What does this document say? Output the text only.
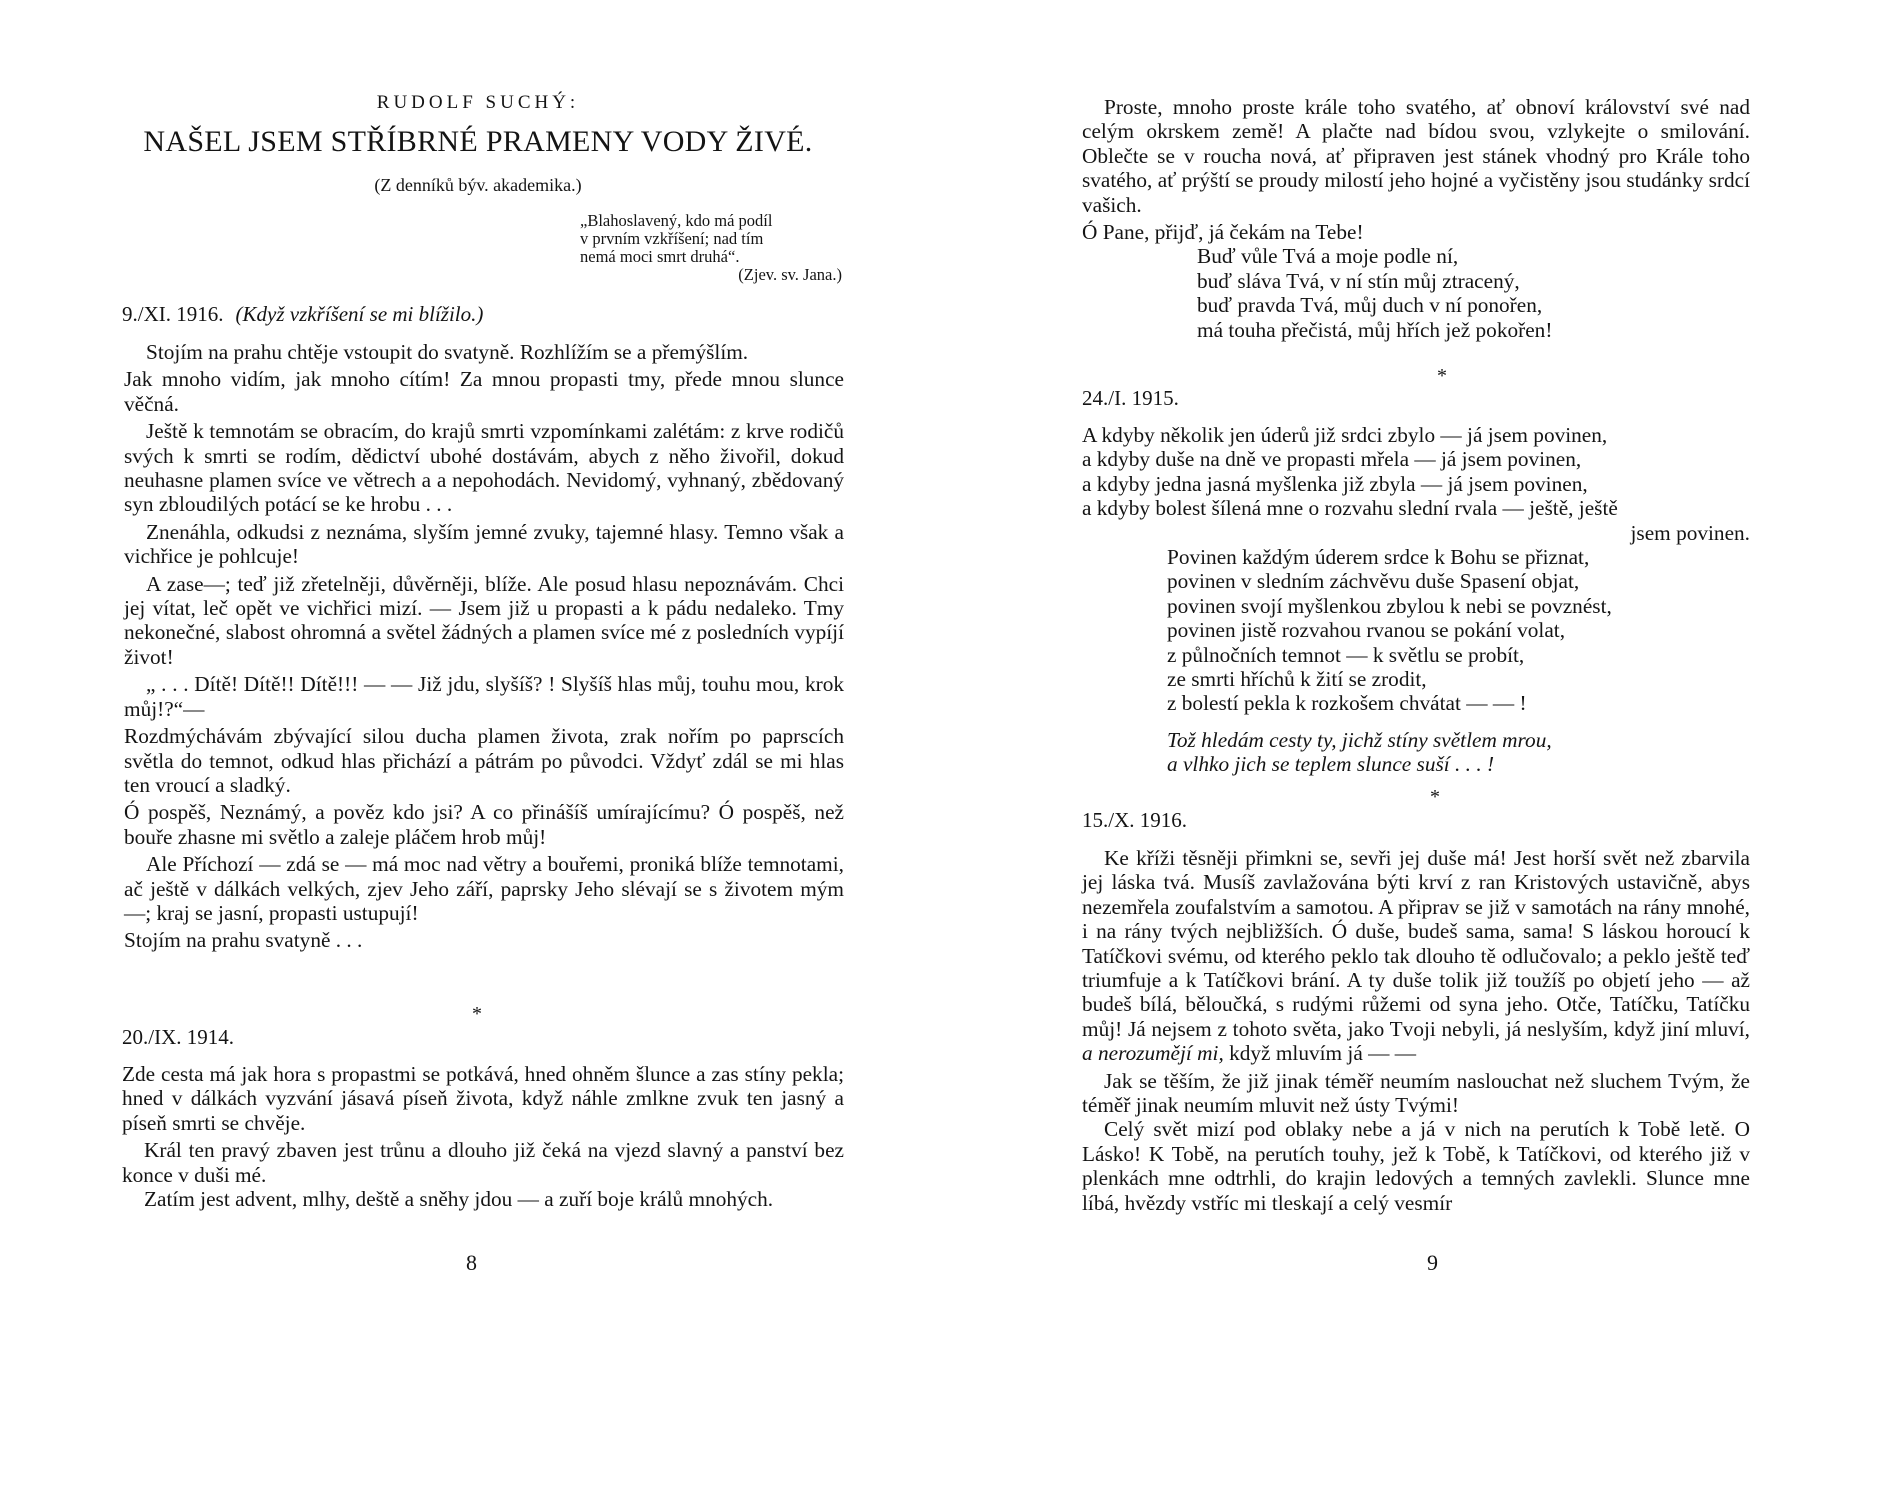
RUDOLF SUCHÝ:
NAŠEL JSEM STŘÍBRNÉ PRAMENY VODY ŽIVÉ.
(Z denníků býv. akademika.)
„Blahoslavený, kdo má podíl
v prvním vzkříšení; nad tím
nemá moci smrt druhá“.
(Zjev. sv. Jana.)
9./XI. 1916. (Když vzkříšení se mi blížilo.)

Stojím na prahu chtěje vstoupit do svatyně. Rozhlížím se a přemýšlím.

Jak mnoho vidím, jak mnoho cítím! Za mnou propasti tmy, přede mnou slunce věčná.

Ještě k temnotám se obracím, do krajů smrti vzpomínkami zalétám: z krve rodičů svých k smrti se rodím, dědictví ubohé dostávám, abych z něho živořil, dokud neuhasne plamen svíce ve větrech a a nepohodách. Nevidomý, vyhnaný, zbědovaný syn zbloudilých potácí se ke hrobu . . .

Znenáhla, odkudsi z neznáma, slyším jemné zvuky, tajemné hlasy. Temno však a vichřice je pohlcuje!

A zase—; teď již zřetelněji, důvěrněji, blíže. Ale posud hlasu nepoznávám. Chci jej vítat, leč opět ve vichřici mizí. — Jsem již u propasti a k pádu nedaleko. Tmy nekonečné, slabost ohromná a světel žádných a plamen svíce mé z posledních vypíjí život!

„ . . . Dítě! Dítě!! Dítě!!! — — Již jdu, slyšíš? ! Slyšíš hlas můj, touhu mou, krok můj!?“—

Rozdmýchávám zbývající silou ducha plamen života, zrak nořím po paprscích světla do temnot, odkud hlas přichází a pátrám po původci. Vždyť zdál se mi hlas ten vroucí a sladký.

Ó pospěš, Neznámý, a pověz kdo jsi? A co přinášíš umírajícímu? Ó pospěš, než bouře zhasne mi světlo a zaleje pláčem hrob můj!

Ale Příchozí — zdá se — má moc nad větry a bouřemi, proniká blíže temnotami, ač ještě v dálkách velkých, zjev Jeho září, paprsky Jeho slévají se s životem mým—; kraj se jasní, propasti ustupují!

Stojím na prahu svatyně . . .

*
20./IX. 1914.

Zde cesta má jak hora s propastmi se potkává, hned ohněm šlunce a zas stíny pekla; hned v dálkách vyzvání jásavá píseň života, když náhle zmlkne zvuk ten jasný a píseň smrti se chvěje.

Král ten pravý zbaven jest trůnu a dlouho již čeká na vjezd slavný a panství bez konce v duši mé.

Zatím jest advent, mlhy, deště a sněhy jdou — a zuří boje králů mnohých.

8

Proste, mnoho proste krále toho svatého, ať obnoví království své nad celým okrskem země! A plačte nad bídou svou, vzlykejte o smilování. Oblečte se v roucha nová, ať připraven jest stánek vhodný pro Krále toho svatého, ať prýští se proudy milostí jeho hojné a vyčistěny jsou studánky srdcí vašich.

Ó Pane, přijď, já čekám na Tebe!

Buď vůle Tvá a moje podle ní,
buď sláva Tvá, v ní stín můj ztracený,
buď pravda Tvá, můj duch v ní ponořen,
má touha přečistá, můj hřích jež pokořen!
*
24./I. 1915.
A kdyby několik jen úderů již srdci zbylo — já jsem povinen,
a kdyby duše na dně ve propasti mřela — já jsem povinen,
a kdyby jedna jasná myšlenka již zbyla — já jsem povinen,
a kdyby bolest šílená mne o rozvahu slední rvala — ještě, ještě
jsem povinen.
Povinen každým úderem srdce k Bohu se přiznat,
povinen v sledním záchvěvu duše Spasení objat,
povinen svojí myšlenkou zbylou k nebi se povznést,
povinen jistě rozvahou rvanou se pokání volat,
z půlnočních temnot — k světlu se probít,
ze smrti hříchů k žití se zrodit,
z bolestí pekla k rozkošem chvátat — — !
Tož hledám cesty ty, jichž stíny světlem mrou,
a vlhko jich se teplem slunce suší . . . !
*
15./X. 1916.

Ke kříži těsněji přimkni se, sevři jej duše má! Jest horší svět než zbarvila jej láska tvá. Musíš zavlažována býti krví z ran Kristových ustavičně, abys nezemřela zoufalstvím a samotou. A připrav se již v samotách na rány mnohé, i na rány tvých nejbližších. Ó duše, budeš sama, sama! S láskou horoucí k Tatíčkovi svému, od kterého peklo tak dlouho tě odlučovalo; a peklo ještě teď triumfuje a k Tatíčkovi brání. A ty duše tolik již toužíš po objetí jeho — až budeš bílá, bělоučká, s rudými růžemi od syna jeho. Otče, Tatíčku, Tatíčku můj! Já nejsem z tohoto světa, jako Tvoji nebyli, já neslyším, když jiní mluví, a nerozumějí mi, když mluvím já — —

Jak se těším, že již jinak téměř neumím naslouchat než sluchem Tvým, že téměř jinak neumím mluvit než ústy Tvými!

Celý svět mizí pod oblaky nebe a já v nich na perutích k Tobě letě. O Lásko! K Tobě, na perutích touhy, jež k Tobě, k Tatíčkovi, od kterého již v plenkách mne odtrhli, do krajin ledových a temných zavlekli. Slunce mne líbá, hvězdy vstříc mi tleskají a celý vesmír

9
